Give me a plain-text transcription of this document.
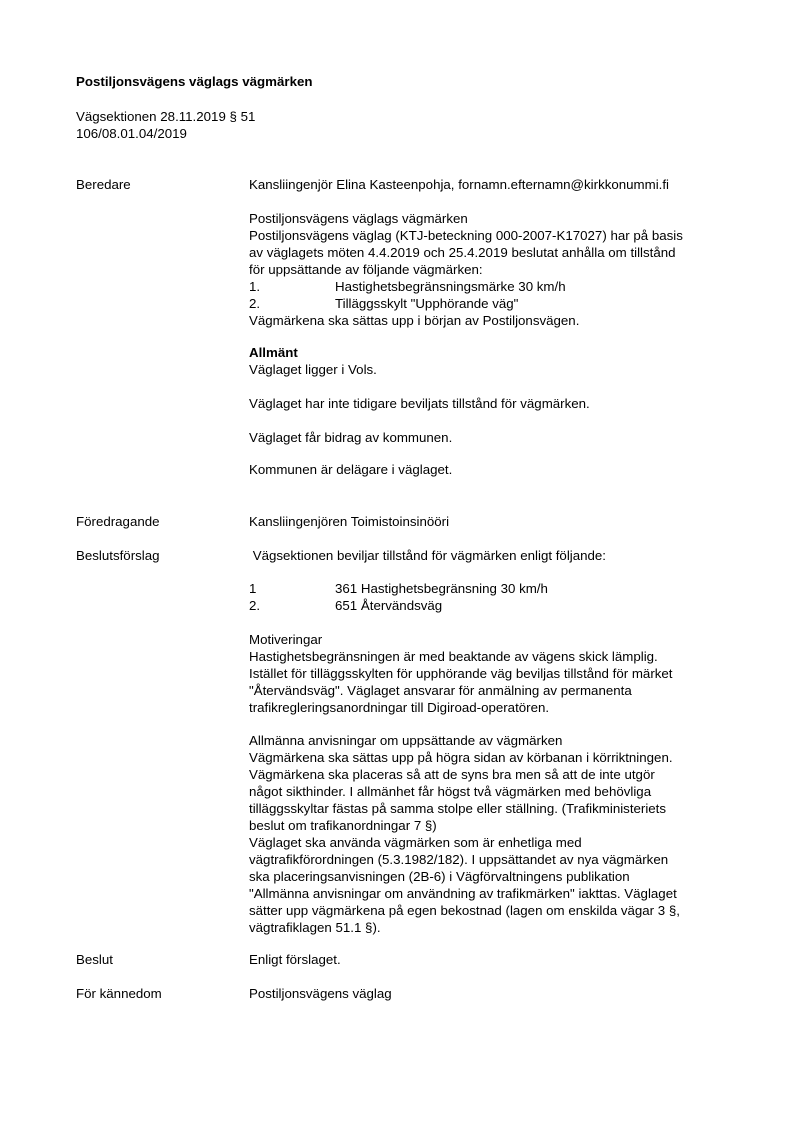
Postiljonsvägens väglags vägmärken
Vägsektionen 28.11.2019 § 51
106/08.01.04/2019
Beredare	Kansliingenjör Elina Kasteenpohja, fornamn.efternamn@kirkkonummi.fi
Postiljonsvägens väglags vägmärken
Postiljonsvägens väglag (KTJ-beteckning 000-2007-K17027) har på basis
av väglagets möten 4.4.2019 och 25.4.2019 beslutat anhålla om tillstånd
för uppsättande av följande vägmärken:
1.	Hastighetsbegränsningsmärke 30 km/h
2.	Tilläggsskylt "Upphörande väg"
Vägmärkena ska sättas upp i början av Postiljonsvägen.
Allmänt
Väglaget ligger i Vols.
Väglaget har inte tidigare beviljats tillstånd för vägmärken.
Väglaget får bidrag av kommunen.
Kommunen är delägare i väglaget.
Föredragande	Kansliingenjören Toimistoinsinööri
Beslutsförslag	Vägsektionen beviljar tillstånd för vägmärken enligt följande:
1	361 Hastighetsbegränsning 30 km/h
2.	651 Återvändsväg
Motiveringar
Hastighetsbegränsningen är med beaktande av vägens skick lämplig.
Istället för tilläggsskylten för upphörande väg beviljas tillstånd för märket
"Återvändsväg". Väglaget ansvarar för anmälning av permanenta
trafikregleringsanordningar till Digiroad-operatören.
Allmänna anvisningar om uppsättande av vägmärken
Vägmärkena ska sättas upp på högra sidan av körbanan i körriktningen.
Vägmärkena ska placeras så att de syns bra men så att de inte utgör
något sikthinder. I allmänhet får högst två vägmärken med behövliga
tilläggsskyltar fästas på samma stolpe eller ställning. (Trafikministeriets
beslut om trafikanordningar 7 §)
Väglaget ska använda vägmärken som är enhetliga med
vägtrafikförordningen (5.3.1982/182). I uppsättandet av nya vägmärken
ska placeringsanvisningen (2B-6) i Vägförvaltningens publikation
"Allmänna anvisningar om användning av trafikmärken" iakttas. Väglaget
sätter upp vägmärkena på egen bekostnad (lagen om enskilda vägar 3 §,
vägtrafiklagen 51.1 §).
Beslut	Enligt förslaget.
För kännedom	Postiljonsvägens väglag
